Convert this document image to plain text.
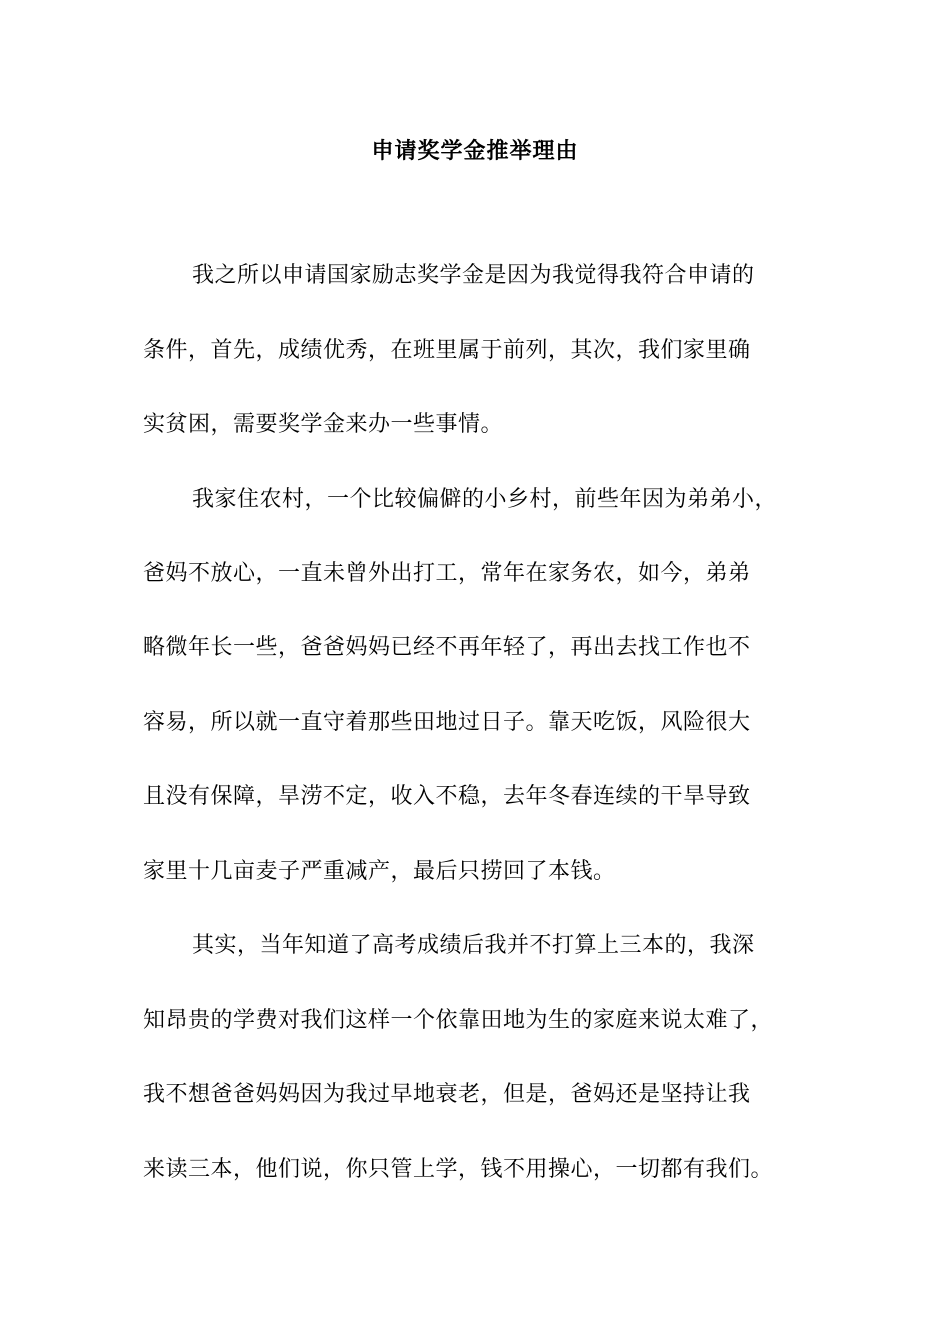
申请奖学金推举理由
我之所以申请国家励志奖学金是因为我觉得我符合申请的
条件，首先，成绩优秀，在班里属于前列，其次，我们家里确
实贫困，需要奖学金来办一些事情。
我家住农村，一个比较偏僻的小乡村，前些年因为弟弟小，
爸妈不放心，一直未曾外出打工，常年在家务农，如今，弟弟
略微年长一些，爸爸妈妈已经不再年轻了，再出去找工作也不
容易，所以就一直守着那些田地过日子。靠天吃饭，风险很大
且没有保障，旱涝不定，收入不稳，去年冬春连续的干旱导致
家里十几亩麦子严重减产，最后只捞回了本钱。
其实，当年知道了高考成绩后我并不打算上三本的，我深
知昂贵的学费对我们这样一个依靠田地为生的家庭来说太难了，
我不想爸爸妈妈因为我过早地衰老，但是，爸妈还是坚持让我
来读三本，他们说，你只管上学，钱不用操心，一切都有我们。
